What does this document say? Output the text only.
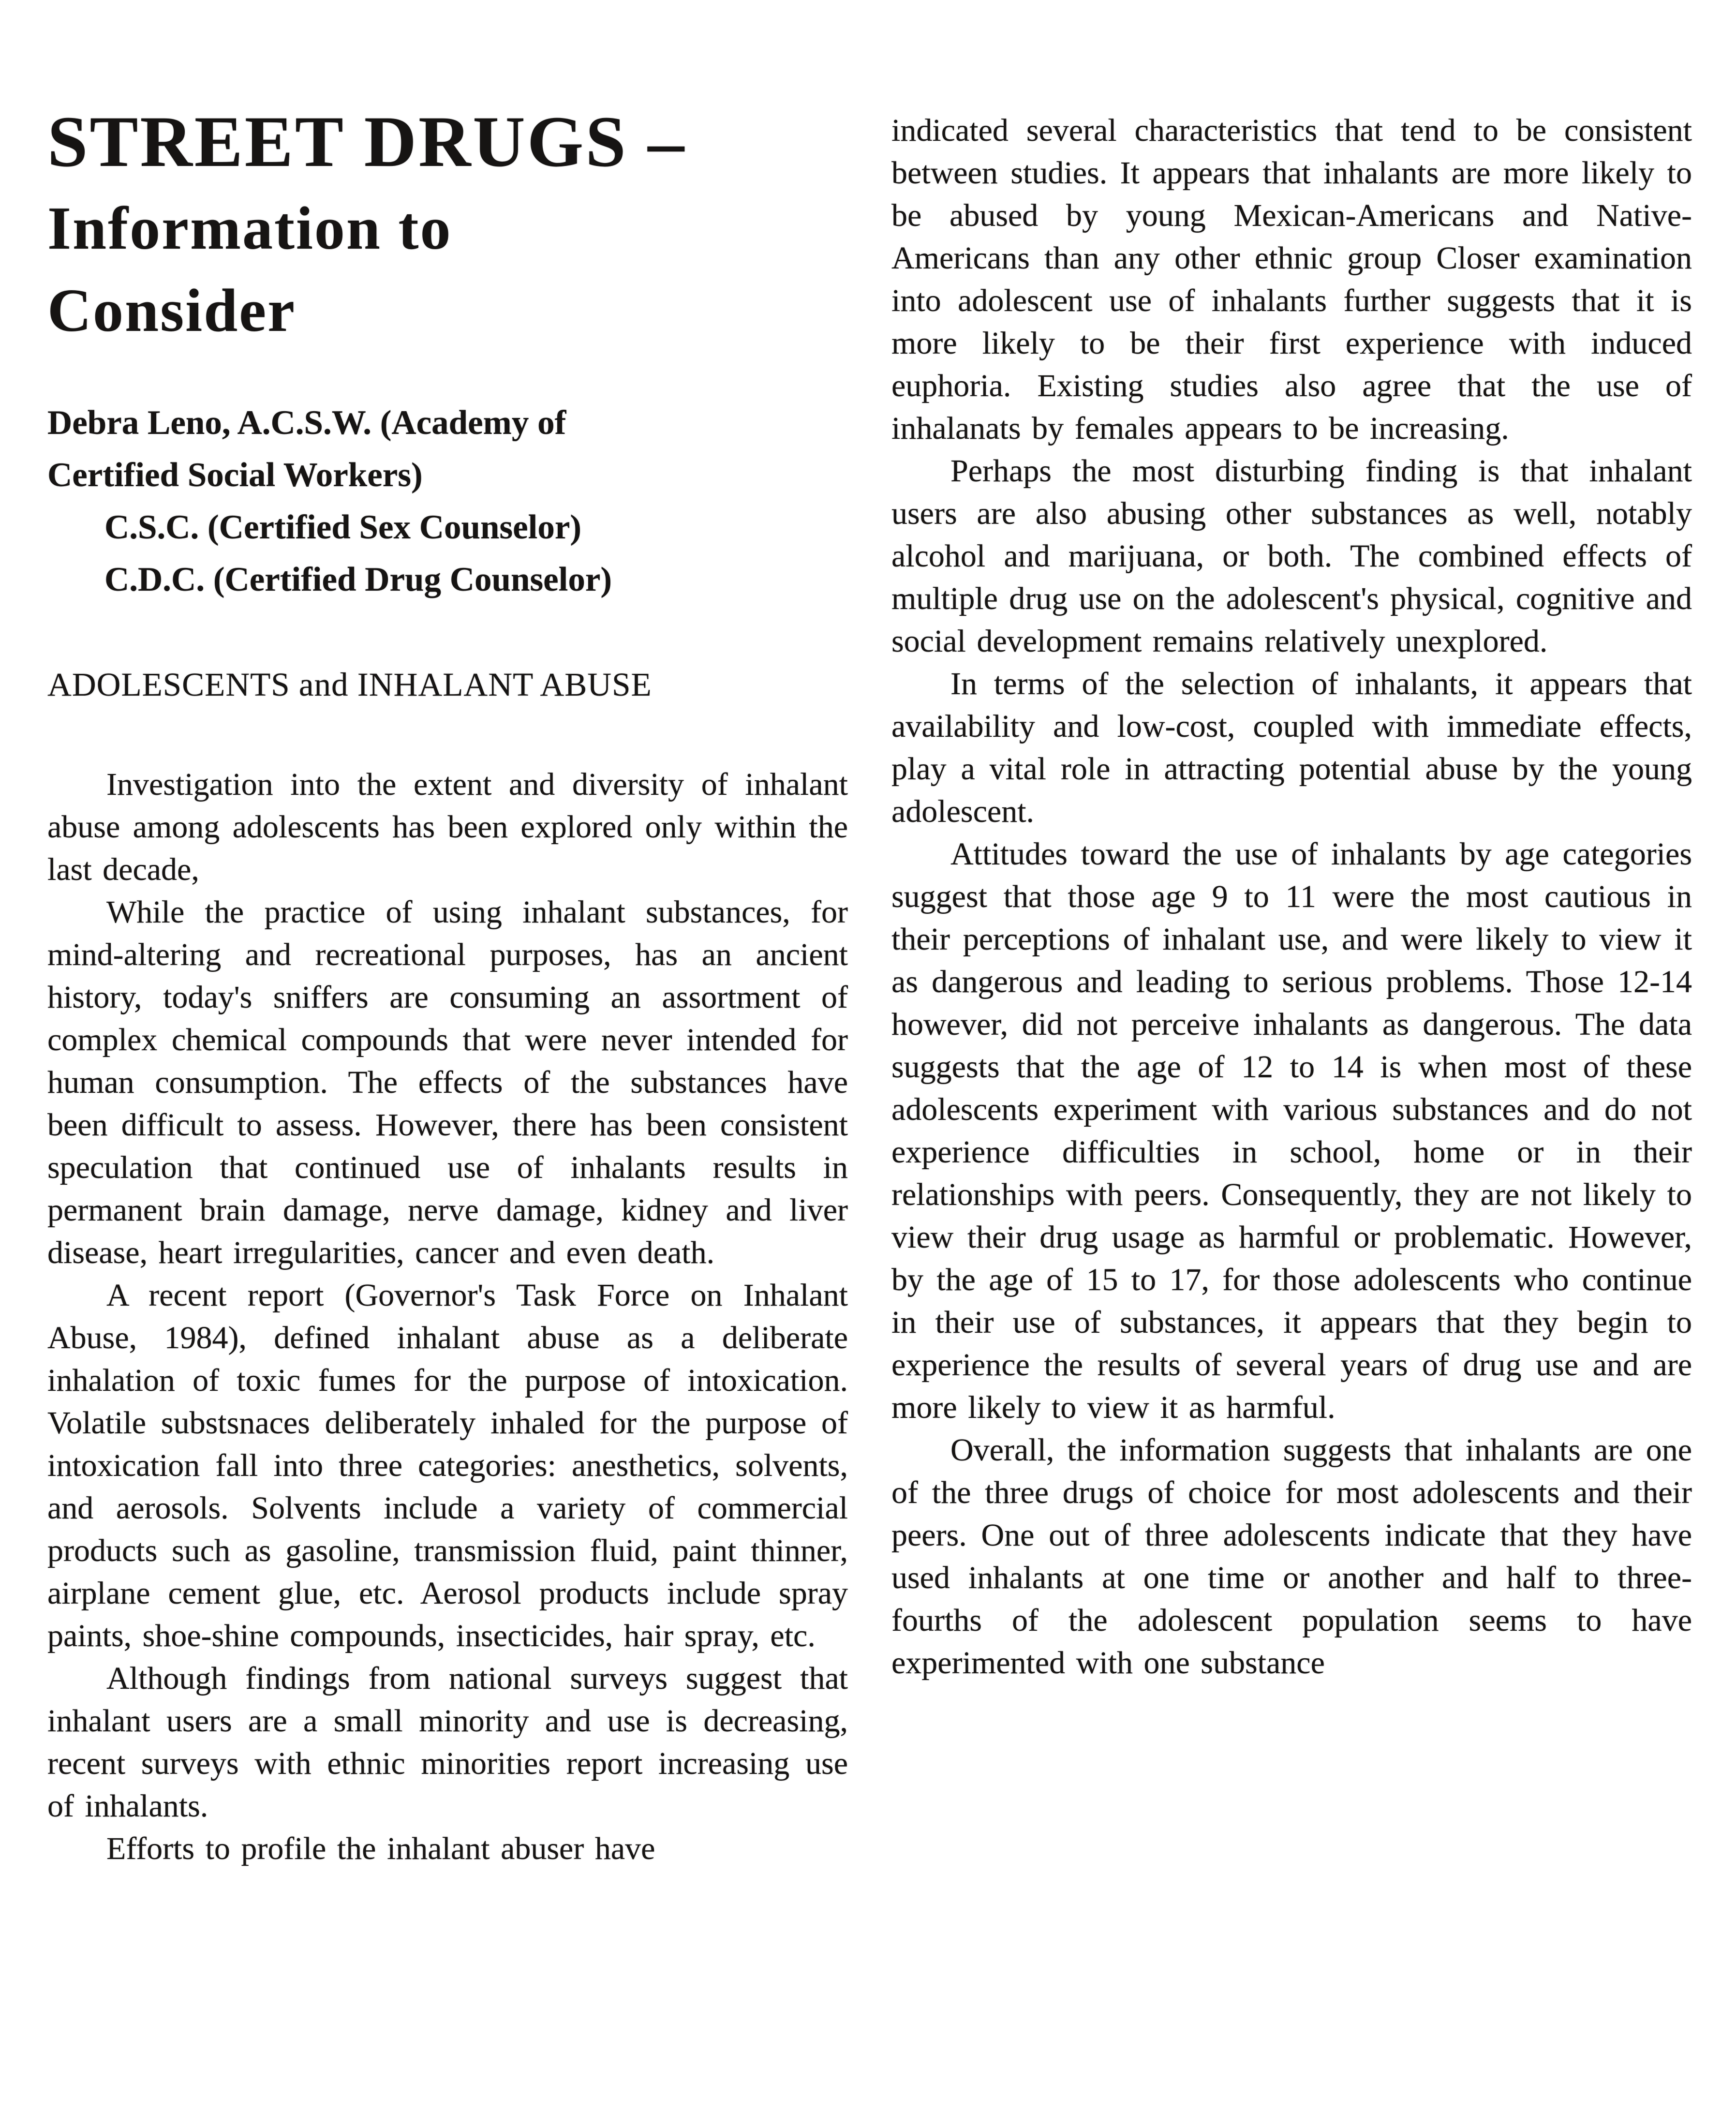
STREET DRUGS –
Information to
Consider
Debra Leno, A.C.S.W. (Academy of
Certified Social Workers)
C.S.C. (Certified Sex Counselor)
C.D.C. (Certified Drug Counselor)
ADOLESCENTS and INHALANT ABUSE

Investigation into the extent and diversity of inhalant abuse among adolescents has been explored only within the last decade,

While the practice of using inhalant substances, for mind-altering and recreational purposes, has an ancient history, today's sniffers are consuming an assortment of complex chemical compounds that were never intended for human consumption. The effects of the substances have been difficult to assess. However, there has been consistent speculation that continued use of inhalants results in permanent brain damage, nerve damage, kidney and liver disease, heart irregularities, cancer and even death.

A recent report (Governor's Task Force on Inhalant Abuse, 1984), defined inhalant abuse as a deliberate inhalation of toxic fumes for the purpose of intoxication. Volatile substsnaces deliberately inhaled for the purpose of intoxication fall into three categories: anesthetics, solvents, and aerosols. Solvents include a variety of commercial products such as gasoline, transmission fluid, paint thinner, airplane cement glue, etc. Aerosol products include spray paints, shoe-shine compounds, insecticides, hair spray, etc.

Although findings from national surveys suggest that inhalant users are a small minority and use is decreasing, recent surveys with ethnic minorities report increasing use of inhalants.

Efforts to profile the inhalant abuser have

indicated several characteristics that tend to be consistent between studies. It appears that inhalants are more likely to be abused by young Mexican-Americans and Native-Americans than any other ethnic group Closer examination into adolescent use of inhalants further suggests that it is more likely to be their first experience with induced euphoria. Existing studies also agree that the use of inhalanats by females appears to be increasing.

Perhaps the most disturbing finding is that inhalant users are also abusing other substances as well, notably alcohol and marijuana, or both. The combined effects of multiple drug use on the adolescent's physical, cognitive and social development remains relatively unexplored.

In terms of the selection of inhalants, it appears that availability and low-cost, coupled with immediate effects, play a vital role in attracting potential abuse by the young adolescent.

Attitudes toward the use of inhalants by age categories suggest that those age 9 to 11 were the most cautious in their perceptions of inhalant use, and were likely to view it as dangerous and leading to serious problems. Those 12-14 however, did not perceive inhalants as dangerous. The data suggests that the age of 12 to 14 is when most of these adolescents experiment with various substances and do not experience difficulties in school, home or in their relationships with peers. Consequently, they are not likely to view their drug usage as harmful or problematic. However, by the age of 15 to 17, for those adolescents who continue in their use of substances, it appears that they begin to experience the results of several years of drug use and are more likely to view it as harmful.

Overall, the information suggests that inhalants are one of the three drugs of choice for most adolescents and their peers. One out of three adolescents indicate that they have used inhalants at one time or another and half to three-fourths of the adolescent population seems to have experimented with one substance
